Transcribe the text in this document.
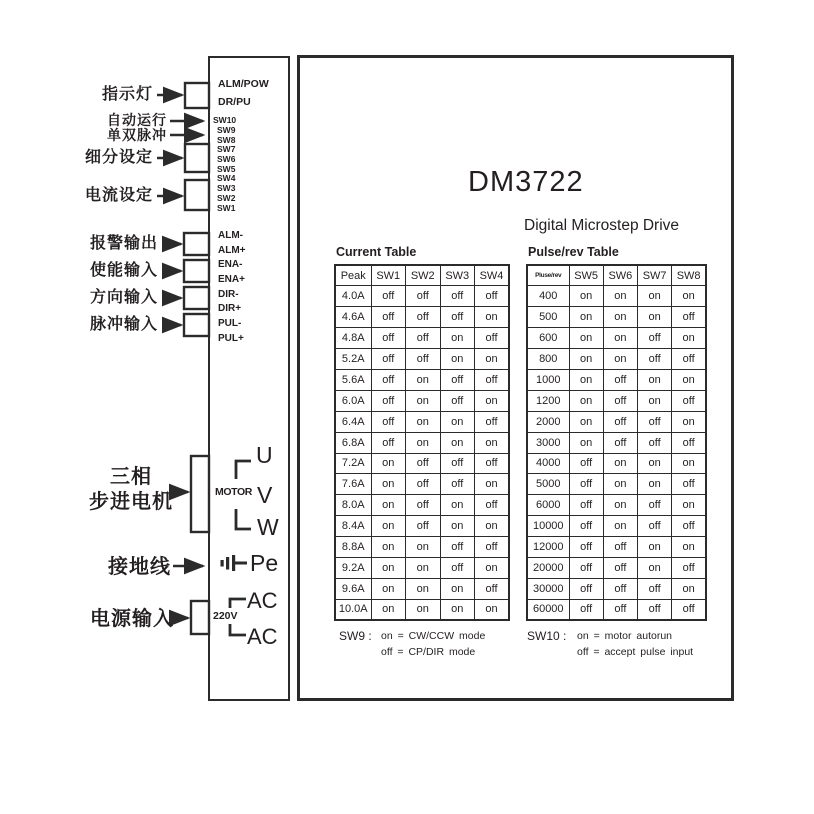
指示灯
自动运行
单双脉冲
细分设定
电流设定
报警输出
使能输入
方向输入
脉冲输入
三相
步进电机
接地线
电源输入
ALM/POW
DR/PU
SW10
SW9
SW8
SW7
SW6
SW5
SW4
SW3
SW2
SW1
ALM-
ALM+
ENA-
ENA+
DIR-
DIR+
PUL-
PUL+
MOTOR
U
V
W
Pe
220V
AC
AC
DM3722
Digital Microstep Drive
Current Table	Pulse/rev Table
Peak	SW1	SW2	SW3	SW4
4.0A	off	off	off	off
4.6A	off	off	off	on
4.8A	off	off	on	off
5.2A	off	off	on	on
5.6A	off	on	off	off
6.0A	off	on	off	on
6.4A	off	on	on	off
6.8A	off	on	on	on
7.2A	on	off	off	off
7.6A	on	off	off	on
8.0A	on	off	on	off
8.4A	on	off	on	on
8.8A	on	on	off	off
9.2A	on	on	off	on
9.6A	on	on	on	off
10.0A	on	on	on	on
Pluse/rev	SW5	SW6	SW7	SW8
400	on	on	on	on
500	on	on	on	off
600	on	on	off	on
800	on	on	off	off
1000	on	off	on	on
1200	on	off	on	off
2000	on	off	off	on
3000	on	off	off	off
4000	off	on	on	on
5000	off	on	on	off
6000	off	on	off	on
10000	off	on	off	off
12000	off	off	on	on
20000	off	off	on	off
30000	off	off	off	on
60000	off	off	off	off
SW9 : on = CW/CCW mode
off = CP/DIR mode
SW10 : on = motor autorun
off = accept pulse input
